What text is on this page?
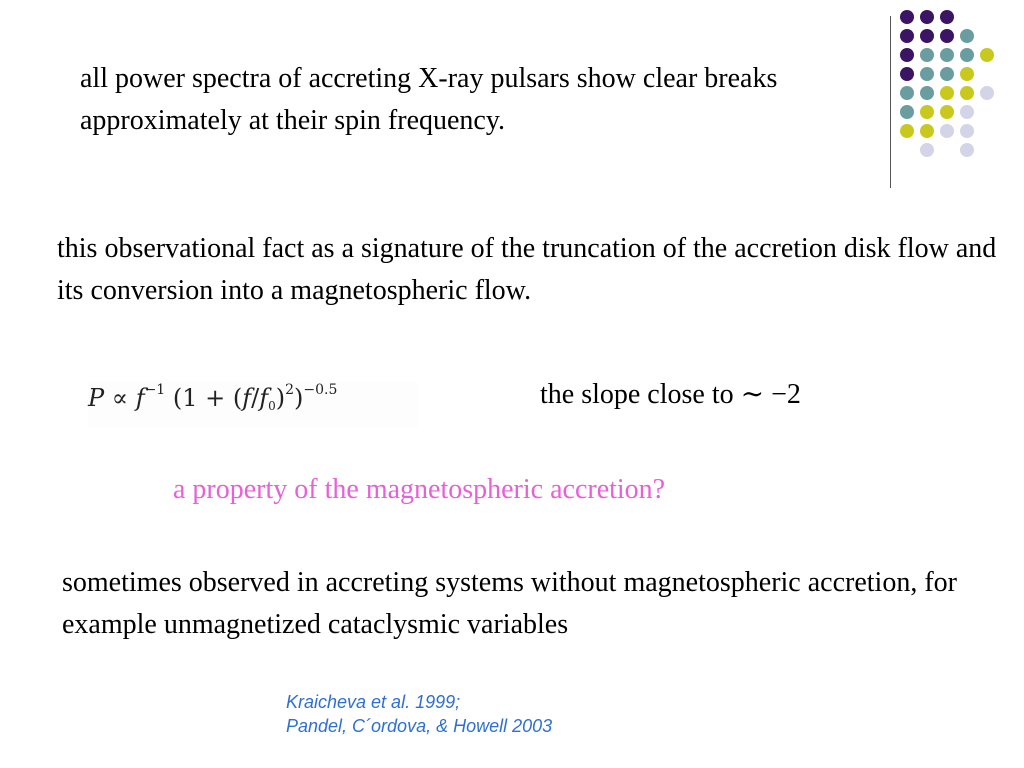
all power spectra of accreting X-ray pulsars show clear breaks approximately at their spin frequency.

this observational fact as a signature of the truncation of the accretion disk flow and its conversion into a magnetospheric flow.

$P \propto f^{-1}$ $(1 + (f/f_0)^2)^{-0.5}$	the slope close to ∼ −2
a property of the magnetospheric accretion?

sometimes observed in accreting systems without magnetospheric accretion, for example unmagnetized cataclysmic variables

Kraicheva et al. 1999;
Pandel, C´ordova, & Howell 2003
